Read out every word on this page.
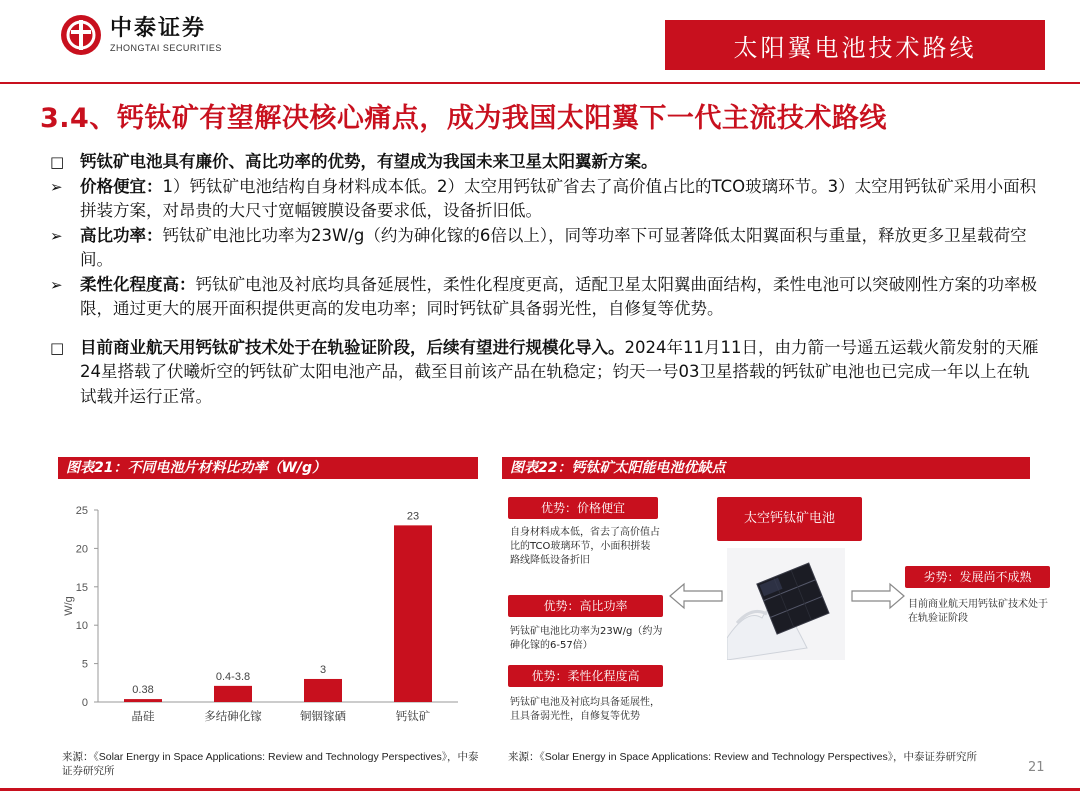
中泰证券
ZHONGTAI SECURITIES	太阳翼电池技术路线
3.4、钙钛矿有望解决核心痛点，成为我国太阳翼下一代主流技术路线
□ 钙钛矿电池具有廉价、高比功率的优势，有望成为我国未来卫星太阳翼新方案。
➢	价格便宜：1）钙钛矿电池结构自身材料成本低。2）太空用钙钛矿省去了高价值占比的TCO玻璃环节。3）太空用钙钛矿采用小面积拼装方案，对昂贵的大尺寸宽幅镀膜设备要求低，设备折旧低。
➢	高比功率：钙钛矿电池比功率为23W/g（约为砷化镓的6倍以上），同等功率下可显著降低太阳翼面积与重量，释放更多卫星载荷空间。
➢	柔性化程度高：钙钛矿电池及衬底均具备延展性，柔性化程度更高，适配卫星太阳翼曲面结构，柔性电池可以突破刚性方案的功率极限，通过更大的展开面积提供更高的发电功率；同时钙钛矿具备弱光性，自修复等优势。
□ 目前商业航天用钙钛矿技术处于在轨验证阶段，后续有望进行规模化导入。2024年11月11日，由力箭一号遥五运载火箭发射的天雁24星搭载了伏曦炘空的钙钛矿太阳电池产品，截至目前该产品在轨稳定；钧天一号03卫星搭载的钙钛矿电池也已完成一年以上在轨试载并运行正常。
图表21：不同电池片材料比功率（W/g）	图表22：钙钛矿太阳能电池优缺点
0
5
10
15
20
25
W/g
0.38
晶硅
0.4-3.8
多结砷化镓
3
铜铟镓硒
23
钙钛矿
太空钙钛矿电池
优势：价格便宜
自身材料成本低，省去了高价值占比的TCO玻璃环节，小面积拼装路线降低设备折旧
优势：高比功率
钙钛矿电池比功率为23W/g（约为砷化镓的6-57倍）
优势：柔性化程度高
钙钛矿电池及衬底均具备延展性，且具备弱光性，自修复等优势
劣势：发展尚不成熟
目前商业航天用钙钛矿技术处于在轨验证阶段
来源：《Solar Energy in Space Applications: Review and Technology Perspectives》，中泰证券研究所
来源：《Solar Energy in Space Applications: Review and Technology Perspectives》，中泰证券研究所
21
